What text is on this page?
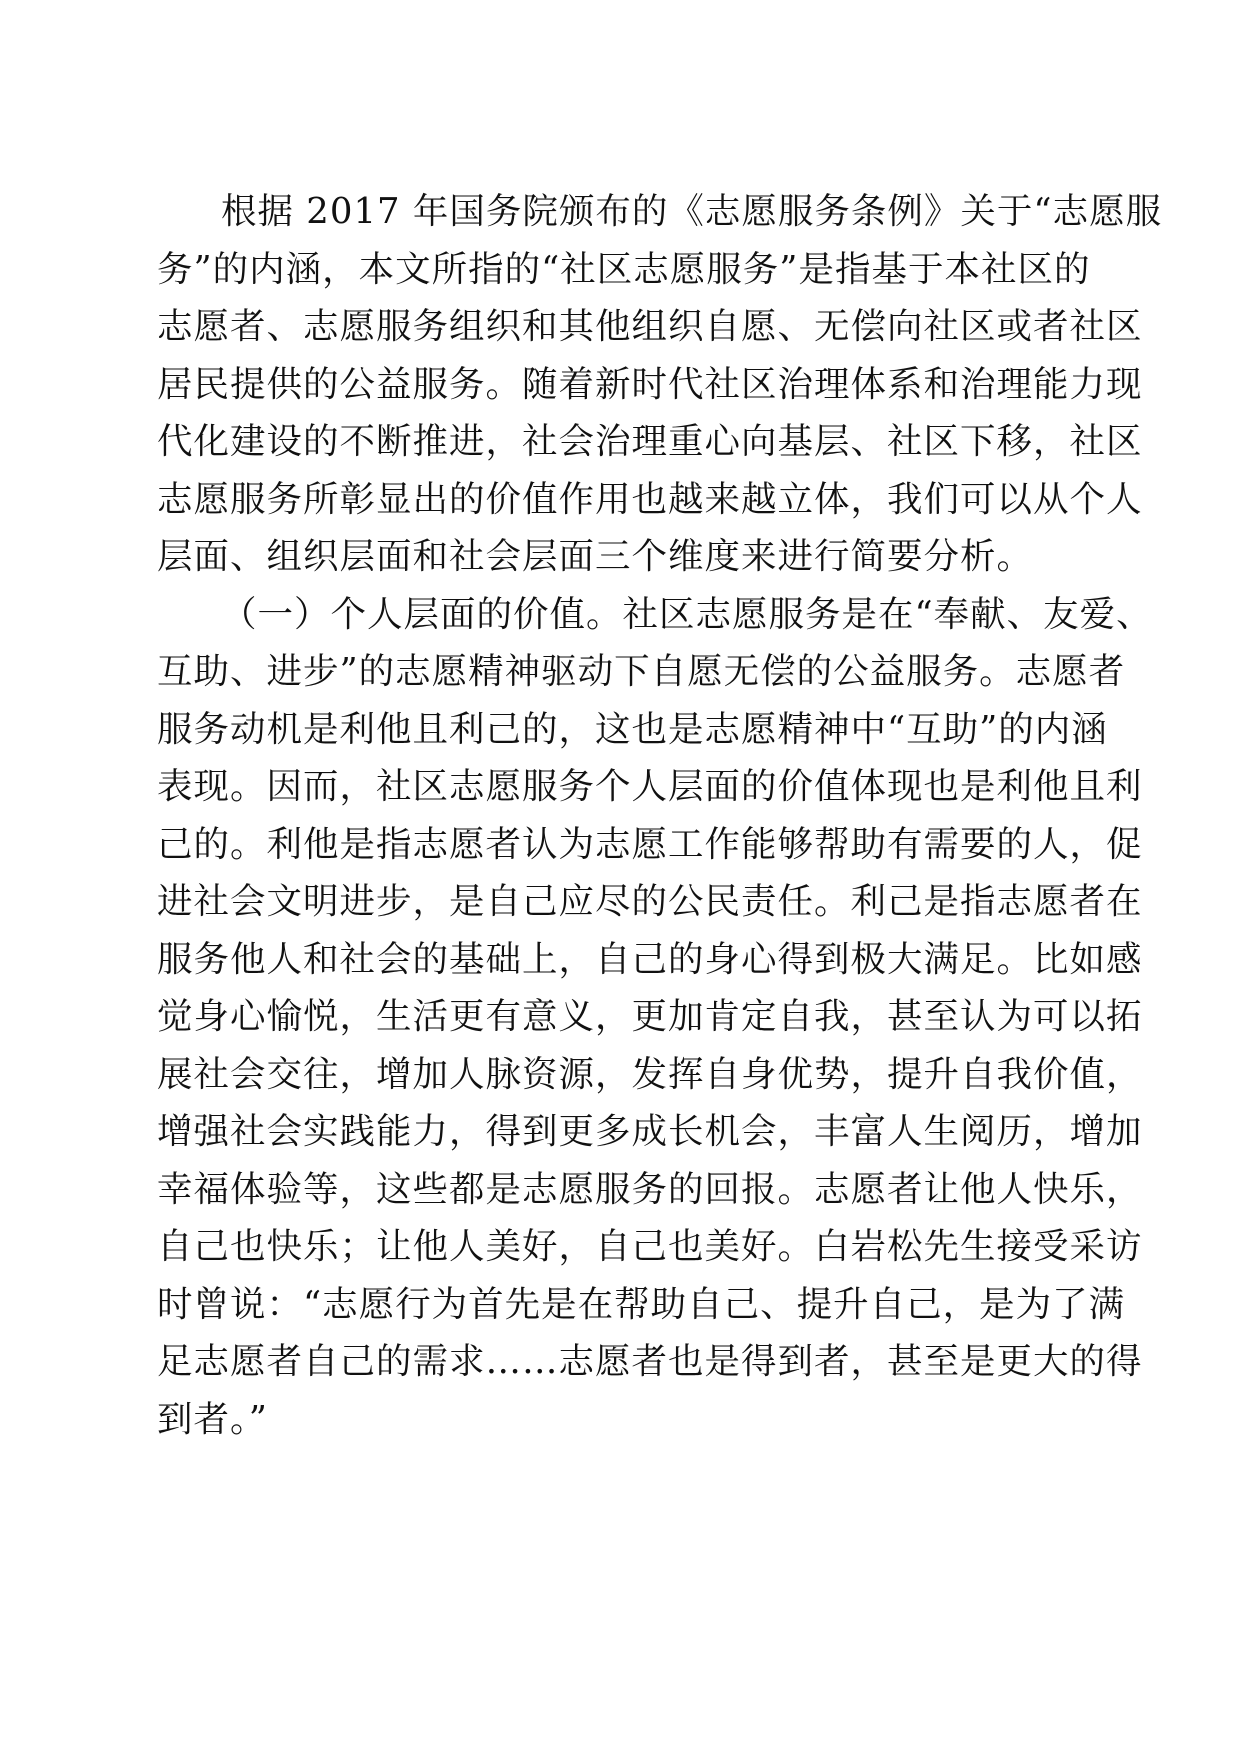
根据 2017 年国务院颁布的《志愿服务条例》关于“志愿服
务”的内涵，本文所指的“社区志愿服务”是指基于本社区的
志愿者、志愿服务组织和其他组织自愿、无偿向社区或者社区
居民提供的公益服务。随着新时代社区治理体系和治理能力现
代化建设的不断推进，社会治理重心向基层、社区下移，社区
志愿服务所彰显出的价值作用也越来越立体，我们可以从个人
层面、组织层面和社会层面三个维度来进行简要分析。
（一）个人层面的价值。社区志愿服务是在“奉献、友爱、
互助、进步”的志愿精神驱动下自愿无偿的公益服务。志愿者
服务动机是利他且利己的，这也是志愿精神中“互助”的内涵
表现。因而，社区志愿服务个人层面的价值体现也是利他且利
己的。利他是指志愿者认为志愿工作能够帮助有需要的人，促
进社会文明进步，是自己应尽的公民责任。利己是指志愿者在
服务他人和社会的基础上，自己的身心得到极大满足。比如感
觉身心愉悦，生活更有意义，更加肯定自我，甚至认为可以拓
展社会交往，增加人脉资源，发挥自身优势，提升自我价值，
增强社会实践能力，得到更多成长机会，丰富人生阅历，增加
幸福体验等，这些都是志愿服务的回报。志愿者让他人快乐，
自己也快乐；让他人美好，自己也美好。白岩松先生接受采访
时曾说：“志愿行为首先是在帮助自己、提升自己，是为了满
足志愿者自己的需求……志愿者也是得到者，甚至是更大的得
到者。”
